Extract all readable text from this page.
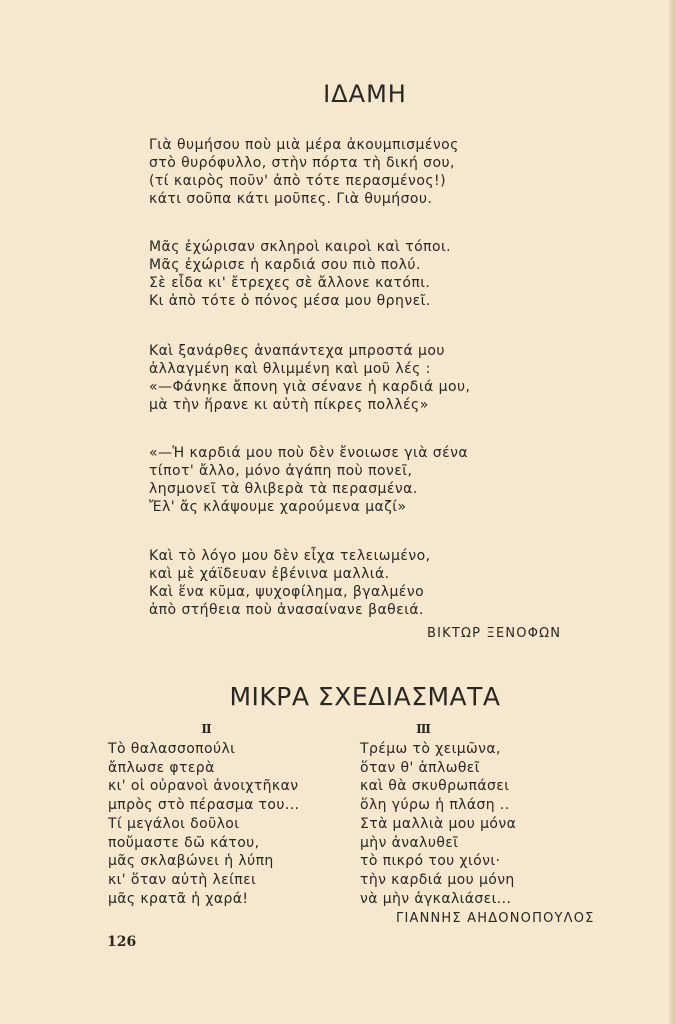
ΙΔΑΜΗ
Γιὰ θυμήσου ποὺ μιὰ μέρα ἀκουμπισμένος
στὸ θυρόφυλλο, στὴν πόρτα τὴ δική σου,
(τί καιρὸς ποῦν' ἀπὸ τότε περασμένος!)
κάτι σοῦπα κάτι μοῦπες. Γιὰ θυμήσου.
Μᾶς ἐχώρισαν σκληροὶ καιροὶ καὶ τόποι.
Μᾶς ἐχώρισε ἡ καρδιά σου πιὸ πολύ.
Σὲ εἶδα κι' ἔτρεχες σὲ ἄλλονε κατόπι.
Κι ἀπὸ τότε ὁ πόνος μέσα μου θρηνεῖ.
Καὶ ξανάρθες ἀναπάντεχα μπροστά μου
ἀλλαγμένη καὶ θλιμμένη καὶ μοῦ λές :
«—Φάνηκε ἄπονη γιὰ σένανε ἡ καρδιά μου,
μὰ τὴν ἥρανε κι αὐτὴ πίκρες πολλές»
«—Ἡ καρδιά μου ποὺ δὲν ἔνοιωσε γιὰ σένα
τίποτ' ἄλλο, μόνο ἀγάπη ποὺ πονεῖ,
λησμονεῖ τὰ θλιβερὰ τὰ περασμένα.
Ἔλ' ἄς κλάψουμε χαρούμενα μαζί»
Καὶ τὸ λόγο μου δὲν εἶχα τελειωμένο,
καὶ μὲ χάϊδευαν ἐβένινα μαλλιά.
Καὶ ἕνα κῦμα, ψυχοφίλημα, βγαλμένο
ἀπὸ στήθεια ποὺ ἀνασαίνανε βαθειά.
ΒΙΚΤΩΡ ΞΕΝΟΦΩΝ
ΜΙΚΡΑ ΣΧΕΔΙΑΣΜΑΤΑ
II
Τὸ θαλασσοπούλι
ἄπλωσε φτερὰ
κι' οἱ οὐρανοὶ ἀνοιχτῆκαν
μπρὸς στὸ πέρασμα του...
Τί μεγάλοι δοῦλοι
ποὔμαστε δῶ κάτου,
μᾶς σκλαβώνει ἡ λύπη
κι' ὅταν αὐτὴ λείπει
μᾶς κρατᾶ ἡ χαρά!
III
Τρέμω τὸ χειμῶνα,
ὅταν θ' ἁπλωθεῖ
καὶ θὰ σκυθρωπάσει
ὅλη γύρω ἡ πλάση ..
Στὰ μαλλιὰ μου μόνα
μὴν ἀναλυθεῖ
τὸ πικρό του χιόνι·
τὴν καρδιά μου μόνη
νὰ μὴν ἀγκαλιάσει...
ΓΙΑΝΝΗΣ ΑΗΔΟΝΟΠΟΥΛΟΣ
126
